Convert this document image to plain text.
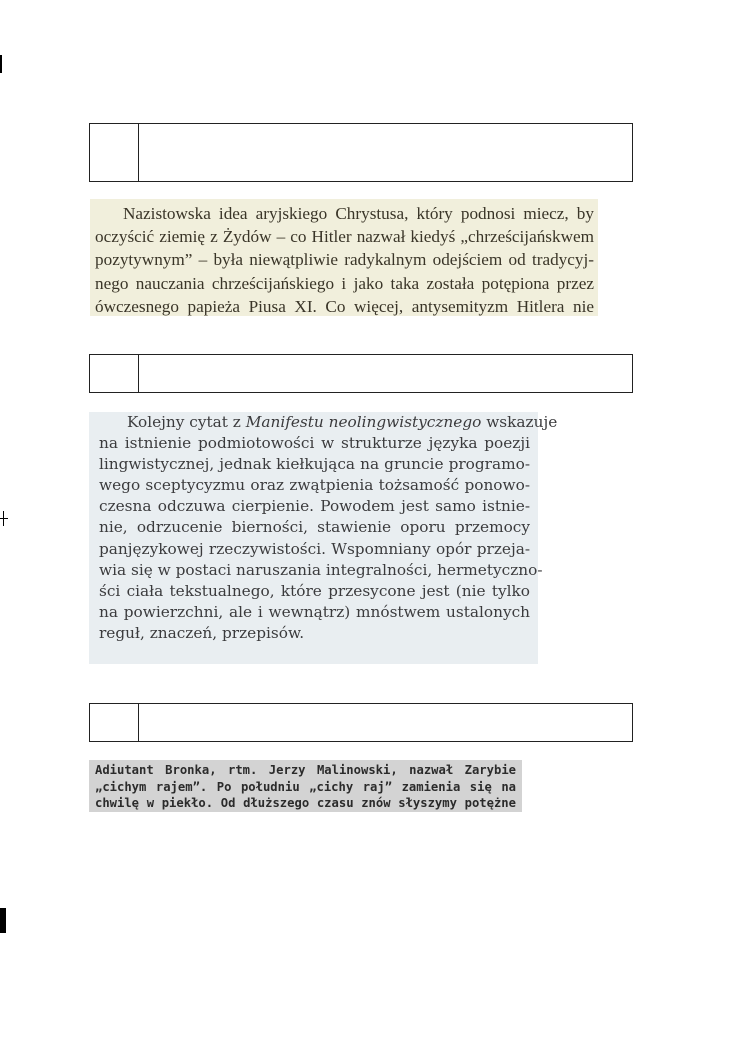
Nazistowska idea aryjskiego Chrystusa, który podnosi miecz, by
oczyścić ziemię z Żydów – co Hitler nazwał kiedyś „chrześcijańskwem
pozytywnym” – była niewątpliwie radykalnym odejściem od tradycyj-
nego nauczania chrześcijańskiego i jako taka została potępiona przez
ówczesnego papieża Piusa XI. Co więcej, antysemityzm Hitlera nie

Kolejny cytat z Manifestu neolingwistycznego wskazuje
na istnienie podmiotowości w strukturze języka poezji
lingwistycznej, jednak kiełkująca na gruncie programo-
wego sceptycyzmu oraz zwątpienia tożsamość ponowo-
czesna odczuwa cierpienie. Powodem jest samo istnie-
nie, odrzucenie bierności, stawienie oporu przemocy
panjęzykowej rzeczywistości. Wspomniany opór przeja-
wia się w postaci naruszania integralności, hermetyczno-
ści ciała tekstualnego, które przesycone jest (nie tylko
na powierzchni, ale i wewnątrz) mnóstwem ustalonych
reguł, znaczeń, przepisów.

Adiutant Bronka, rtm. Jerzy Malinowski, nazwał Zarybie
„cichym rajem”. Po południu „cichy raj” zamienia się na
chwilę w piekło. Od dłuższego czasu znów słyszymy potężne
